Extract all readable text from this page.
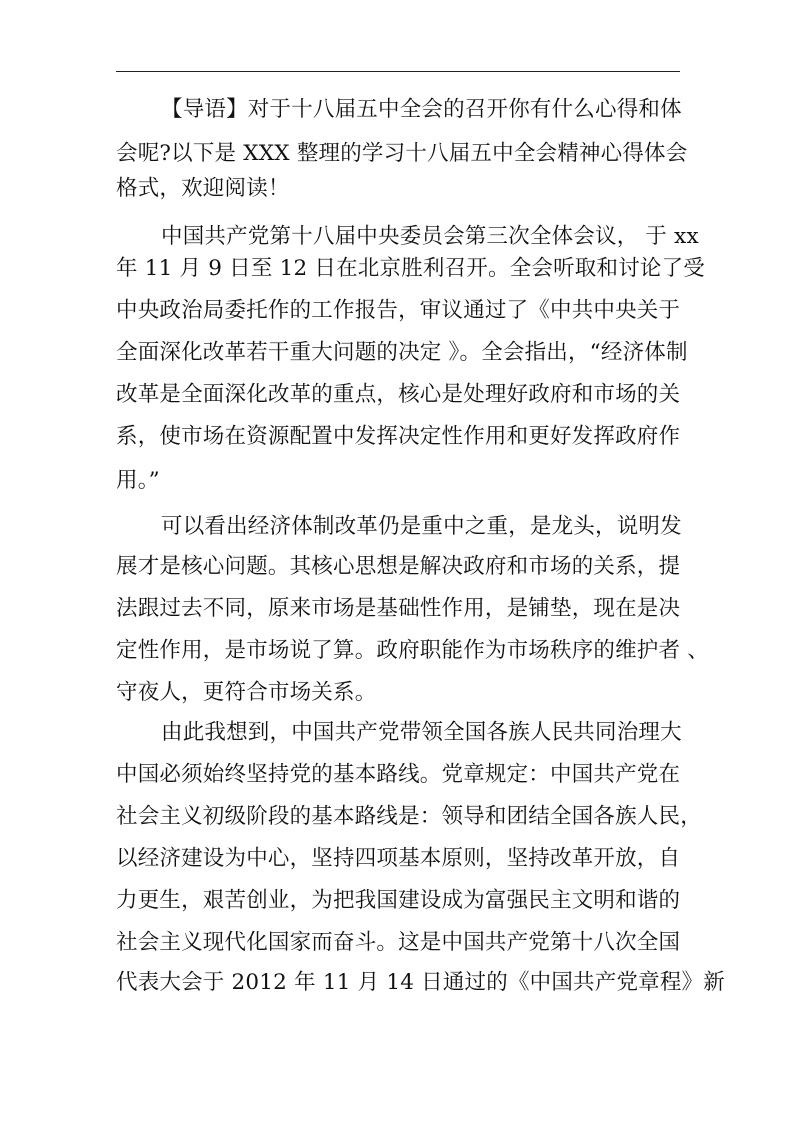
【导语】对于十八届五中全会的召开你有什么心得和体
会呢?以下是 XXX 整理的学习十八届五中全会精神心得体会
格式，欢迎阅读！
中国共产党第十八届中央委员会第三次全体会议， 于 xx
年 11 月 9 日至 12 日在北京胜利召开。全会听取和讨论了受
中央政治局委托作的工作报告，审议通过了《中共中央关于
全面深化改革若干重大问题的决定 》。全会指出，“经济体制
改革是全面深化改革的重点，核心是处理好政府和市场的关
系，使市场在资源配置中发挥决定性作用和更好发挥政府作
用。”
可以看出经济体制改革仍是重中之重，是龙头，说明发
展才是核心问题。其核心思想是解决政府和市场的关系，提
法跟过去不同，原来市场是基础性作用，是铺垫，现在是决
定性作用，是市场说了算。政府职能作为市场秩序的维护者 、
守夜人，更符合市场关系。
由此我想到，中国共产党带领全国各族人民共同治理大
中国必须始终坚持党的基本路线。党章规定：中国共产党在
社会主义初级阶段的基本路线是：领导和团结全国各族人民，
以经济建设为中心，坚持四项基本原则，坚持改革开放，自
力更生，艰苦创业，为把我国建设成为富强民主文明和谐的
社会主义现代化国家而奋斗。这是中国共产党第十八次全国
代表大会于 2012 年 11 月 14 日通过的《中国共产党章程》新
